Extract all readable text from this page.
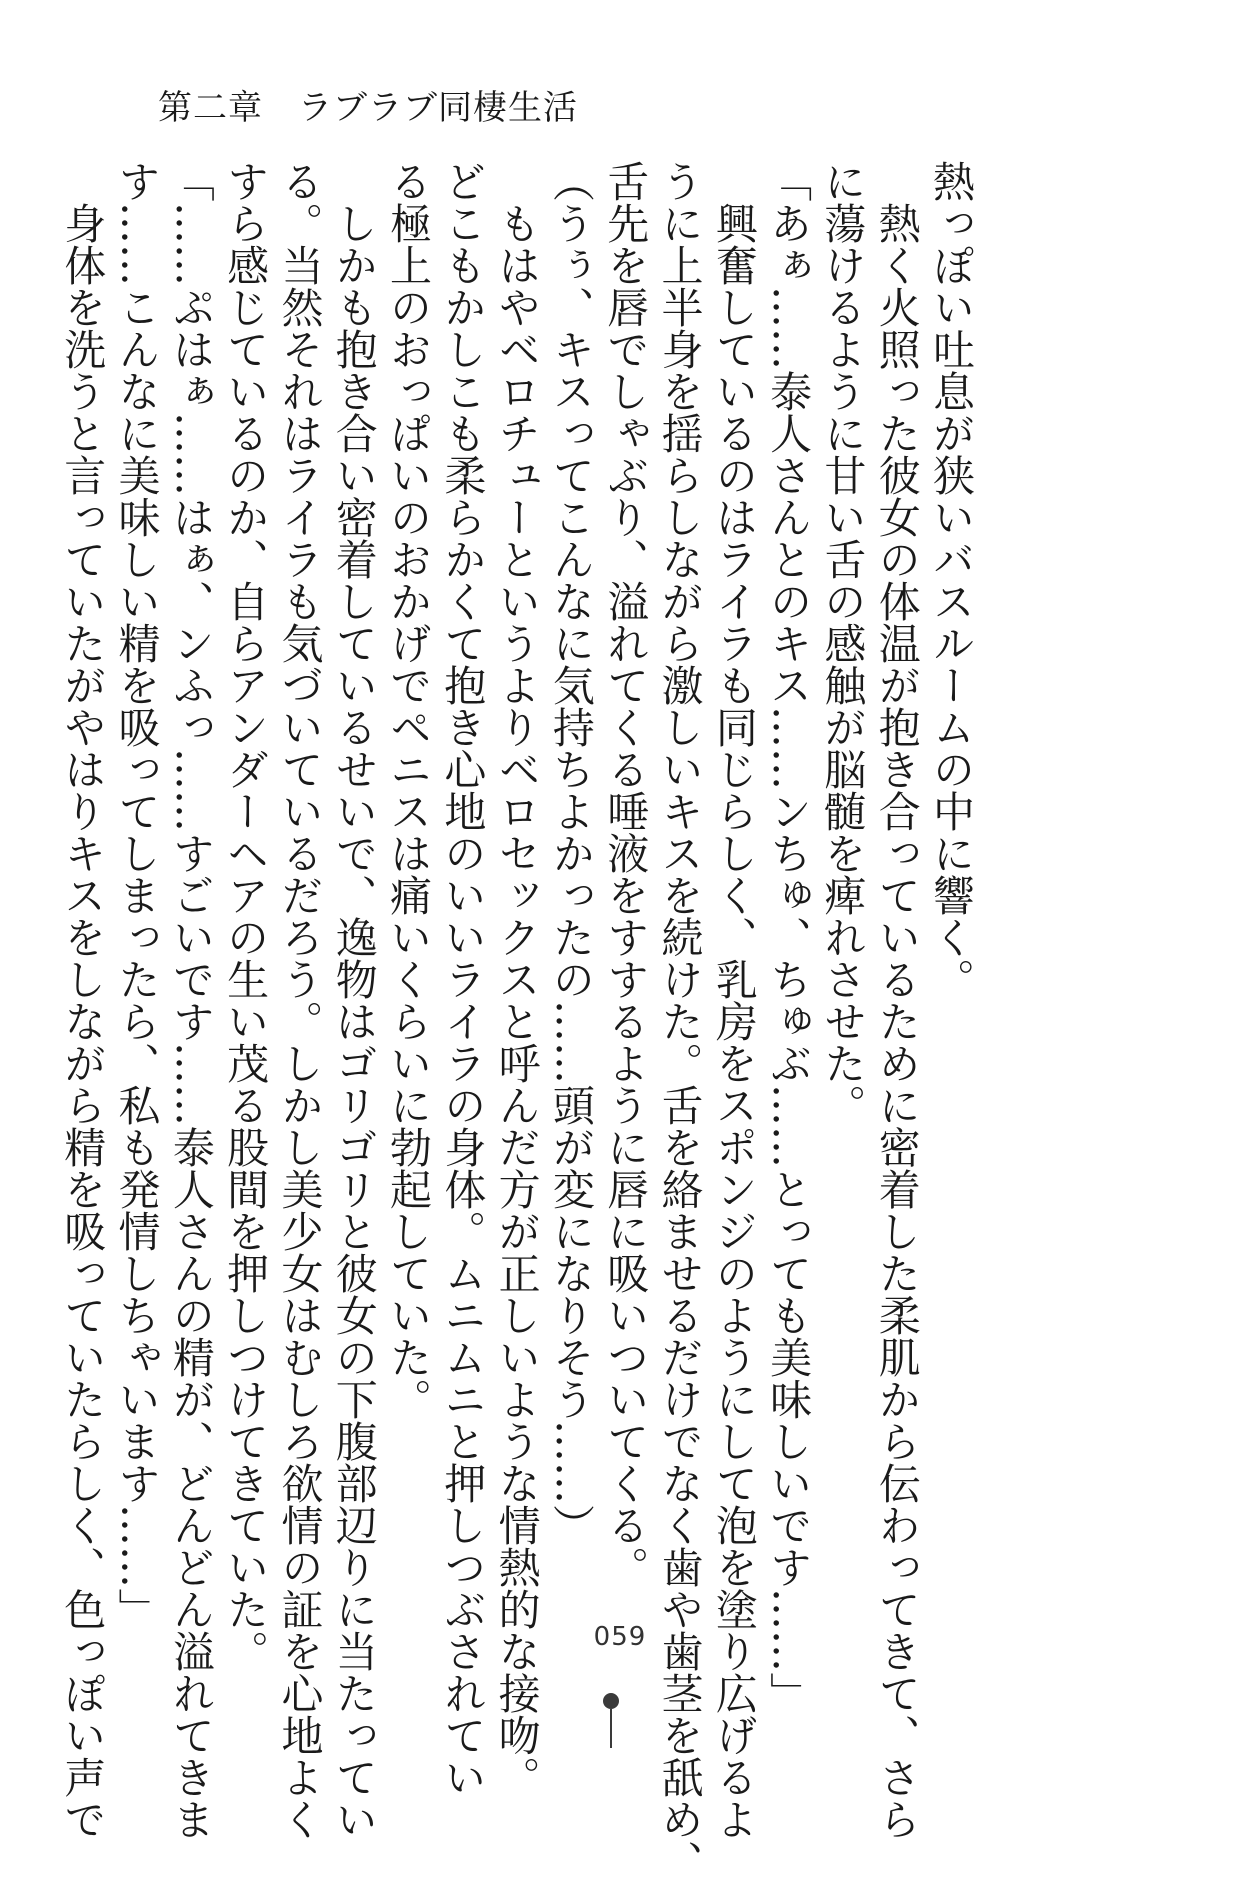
第二章　ラブラブ同棲生活

熱っぽい吐息が狭いバスルームの中に響く。

　熱く火照った彼女の体温が抱き合っているために密着した柔肌から伝わってきて、さら

に蕩けるように甘い舌の感触が脳髄を痺れさせた。

「あぁ……泰人さんとのキス……ンちゅ、ちゅぶ……とっても美味しいです……」

　興奮しているのはライラも同じらしく、乳房をスポンジのようにして泡を塗り広げるよ

うに上半身を揺らしながら激しいキスを続けた。舌を絡ませるだけでなく歯や歯茎を舐め、

舌先を唇でしゃぶり、溢れてくる唾液をすするように唇に吸いついてくる。

（うぅ、キスってこんなに気持ちよかったの……頭が変になりそう……）

　もはやベロチューというよりベロセックスと呼んだ方が正しいような情熱的な接吻。

どこもかしこも柔らかくて抱き心地のいいライラの身体。ムニムニと押しつぶされてい

る極上のおっぱいのおかげでペニスは痛いくらいに勃起していた。

　しかも抱き合い密着しているせいで、逸物はゴリゴリと彼女の下腹部辺りに当たってい

る。当然それはライラも気づいているだろう。しかし美少女はむしろ欲情の証を心地よく

すら感じているのか、自らアンダーヘアの生い茂る股間を押しつけてきていた。

「……ぷはぁ……はぁ、ンふっ……すごいです……泰人さんの精が、どんどん溢れてきま

す……こんなに美味しい精を吸ってしまったら、私も発情しちゃいます……」

　身体を洗うと言っていたがやはりキスをしながら精を吸っていたらしく、色っぽい声で	059
